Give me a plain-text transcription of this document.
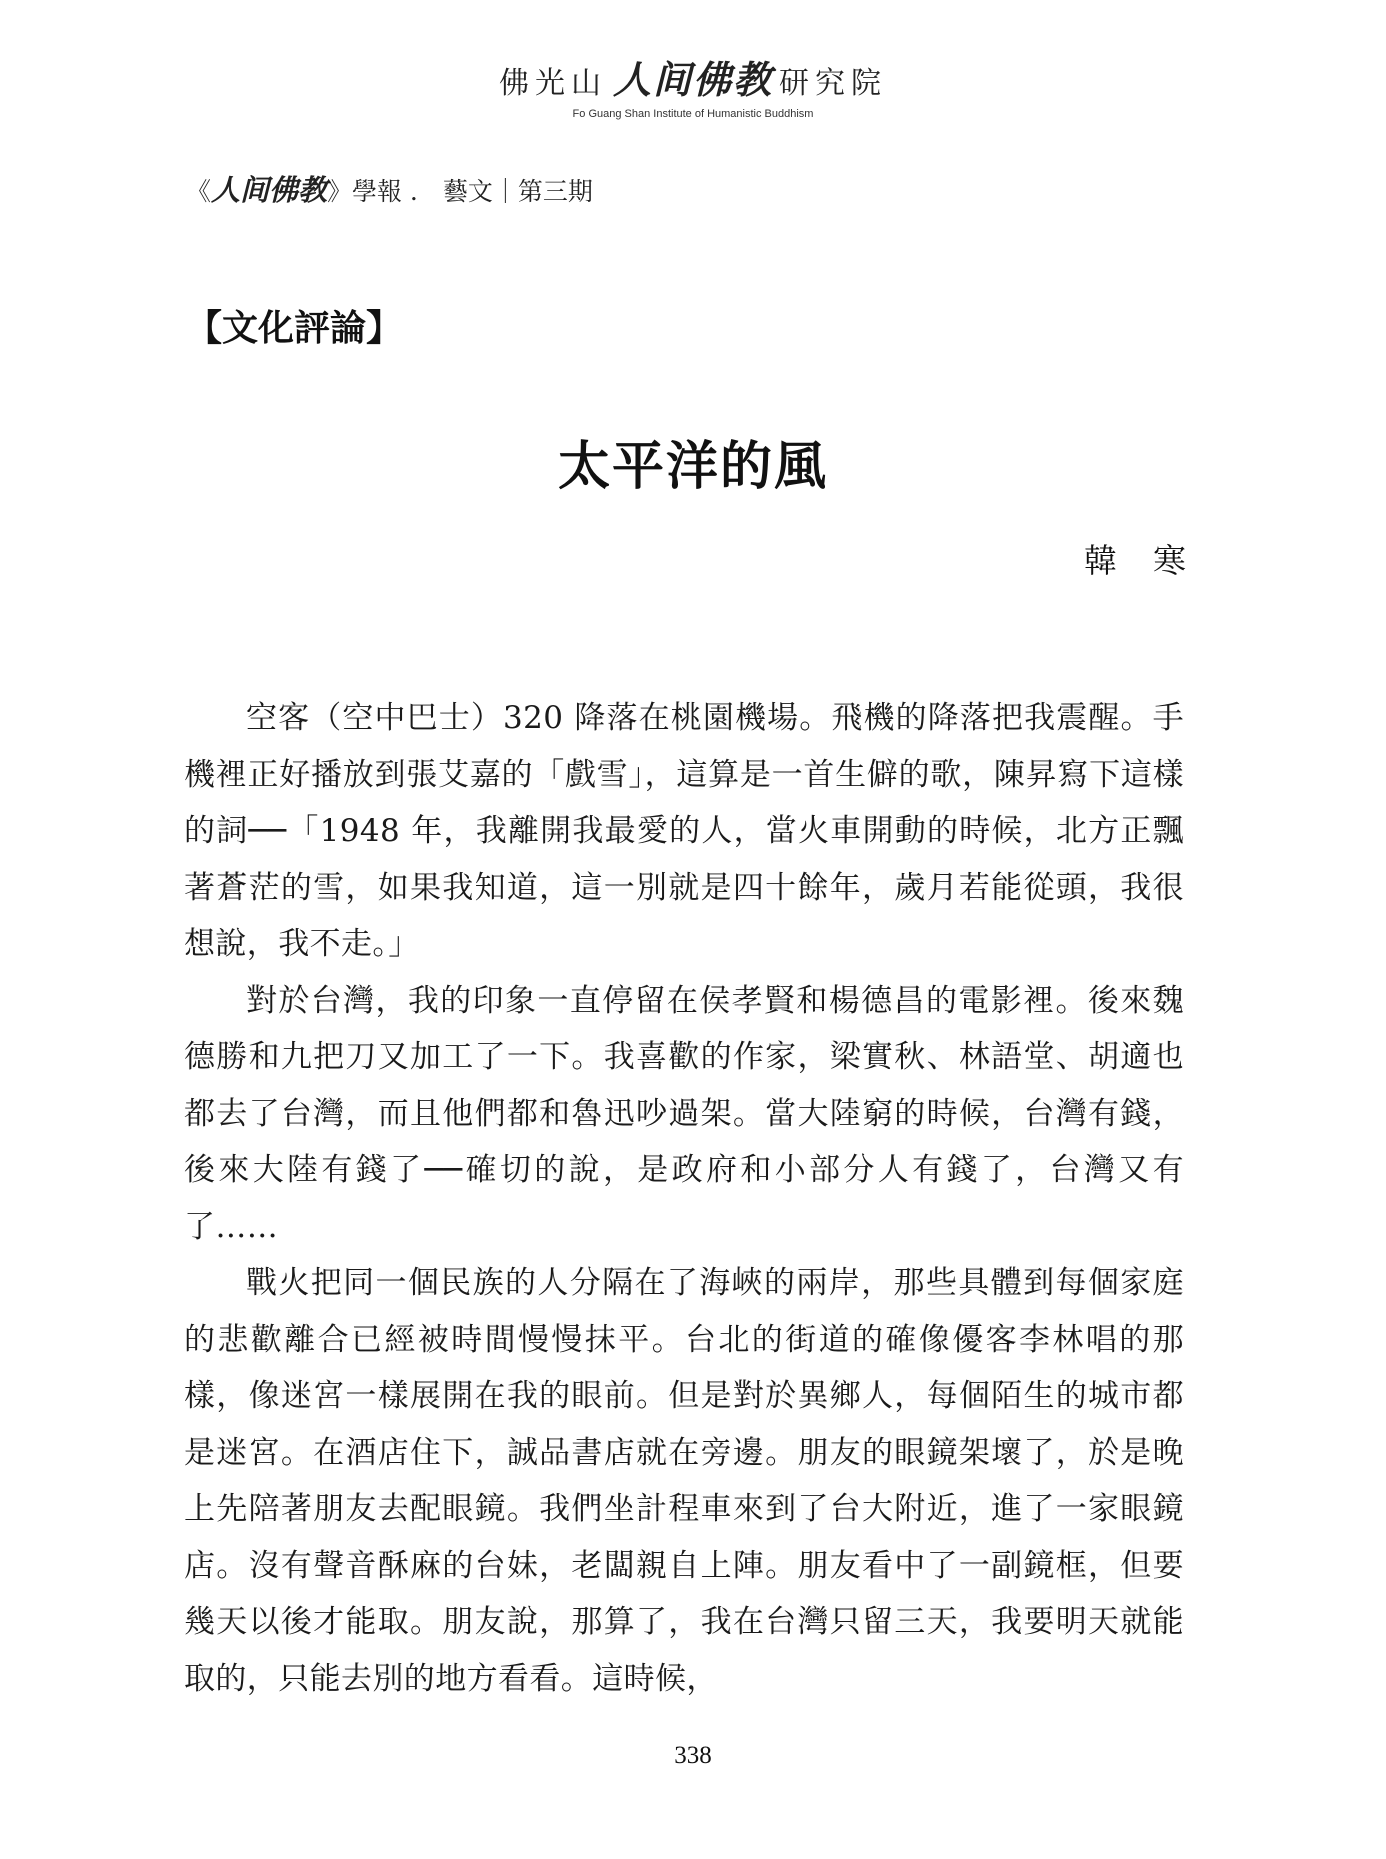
佛光山 人间佛教 研究院
Fo Guang Shan Institute of Humanistic Buddhism
《人间佛教》學報 ． 藝文｜第三期
【文化評論】
太平洋的風
韓寒

空客（空中巴士）320 降落在桃園機場。飛機的降落把我震醒。手機裡正好播放到張艾嘉的「戲雪」，這算是一首生僻的歌，陳昇寫下這樣的詞──「1948 年，我離開我最愛的人，當火車開動的時候，北方正飄著蒼茫的雪，如果我知道，這一別就是四十餘年，歲月若能從頭，我很想說，我不走。」

對於台灣，我的印象一直停留在侯孝賢和楊德昌的電影裡。後來魏德勝和九把刀又加工了一下。我喜歡的作家，梁實秋、林語堂、胡適也都去了台灣，而且他們都和魯迅吵過架。當大陸窮的時候，台灣有錢，後來大陸有錢了──確切的說，是政府和小部分人有錢了，台灣又有了……

戰火把同一個民族的人分隔在了海峽的兩岸，那些具體到每個家庭的悲歡離合已經被時間慢慢抹平。台北的街道的確像優客李林唱的那樣，像迷宮一樣展開在我的眼前。但是對於異鄉人，每個陌生的城市都是迷宮。在酒店住下，誠品書店就在旁邊。朋友的眼鏡架壞了，於是晚上先陪著朋友去配眼鏡。我們坐計程車來到了台大附近，進了一家眼鏡店。沒有聲音酥麻的台妹，老闆親自上陣。朋友看中了一副鏡框，但要幾天以後才能取。朋友說，那算了，我在台灣只留三天，我要明天就能取的，只能去別的地方看看。這時候，

338
